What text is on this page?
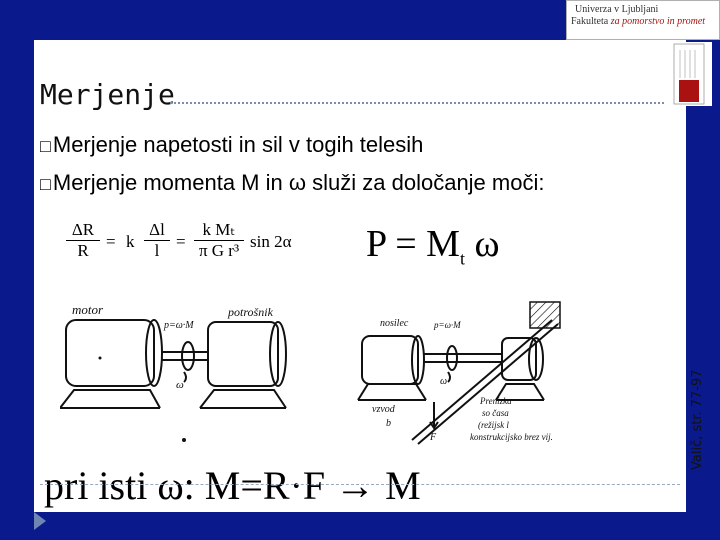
Univerza v Ljubljani
Fakulteta za pomorstvo in promet
Merjenje
□Merjenje napetosti in sil v togih telesih
□Merjenje momenta M in ω služi za določanje moči:
$\frac{\Delta R}{R} = k \frac{\Delta l}{l} = \frac{\text{k Mₜ}}{\text{π G r³}}$ sin 2α $P = M_t$ ω
motor
p=ω·M
potrošnik
ω
nosilec	p=ω·M
ω
vzvod
b
F
Prenizka
so časa
(režijsk l
konstrukcijsko brez vij.	Valič, str. 77-97
pri isti ω: M=R·F → M
